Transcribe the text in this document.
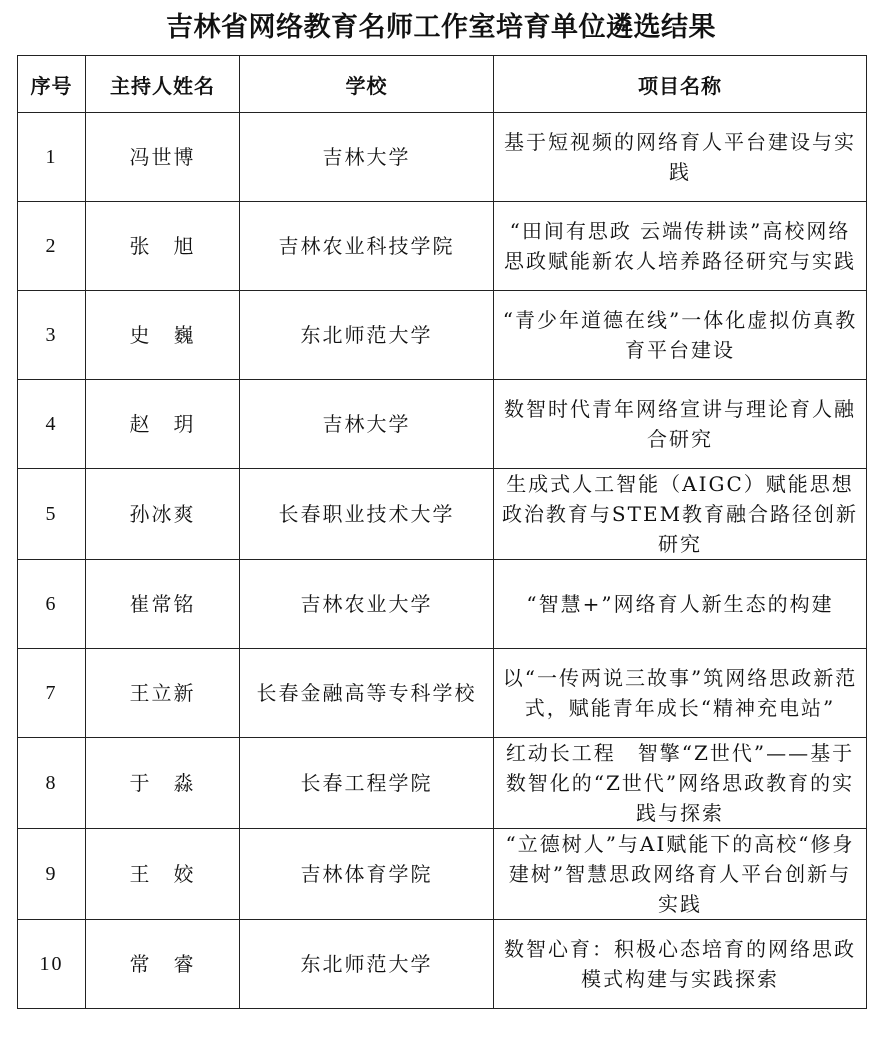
吉林省网络教育名师工作室培育单位遴选结果
序号	主持人姓名	学校	项目名称
1	冯世博	吉林大学	基于短视频的网络育人平台建设与实践
2	张　旭	吉林农业科技学院	“田间有思政 云端传耕读”高校网络思政赋能新农人培养路径研究与实践
3	史　巍	东北师范大学	“青少年道德在线”一体化虚拟仿真教育平台建设
4	赵　玥	吉林大学	数智时代青年网络宣讲与理论育人融合研究
5	孙冰爽	长春职业技术大学	生成式人工智能（AIGC）赋能思想政治教育与STEM教育融合路径创新研究
6	崔常铭	吉林农业大学	“智慧+”网络育人新生态的构建
7	王立新	长春金融高等专科学校	以“一传两说三故事”筑网络思政新范式，赋能青年成长“精神充电站”
8	于　淼	长春工程学院	红动长工程　智擎“Z世代”——基于数智化的“Z世代”网络思政教育的实践与探索
9	王　姣	吉林体育学院	“立德树人”与AI赋能下的高校“修身建树”智慧思政网络育人平台创新与实践
10	常　睿	东北师范大学	数智心育：积极心态培育的网络思政模式构建与实践探索
